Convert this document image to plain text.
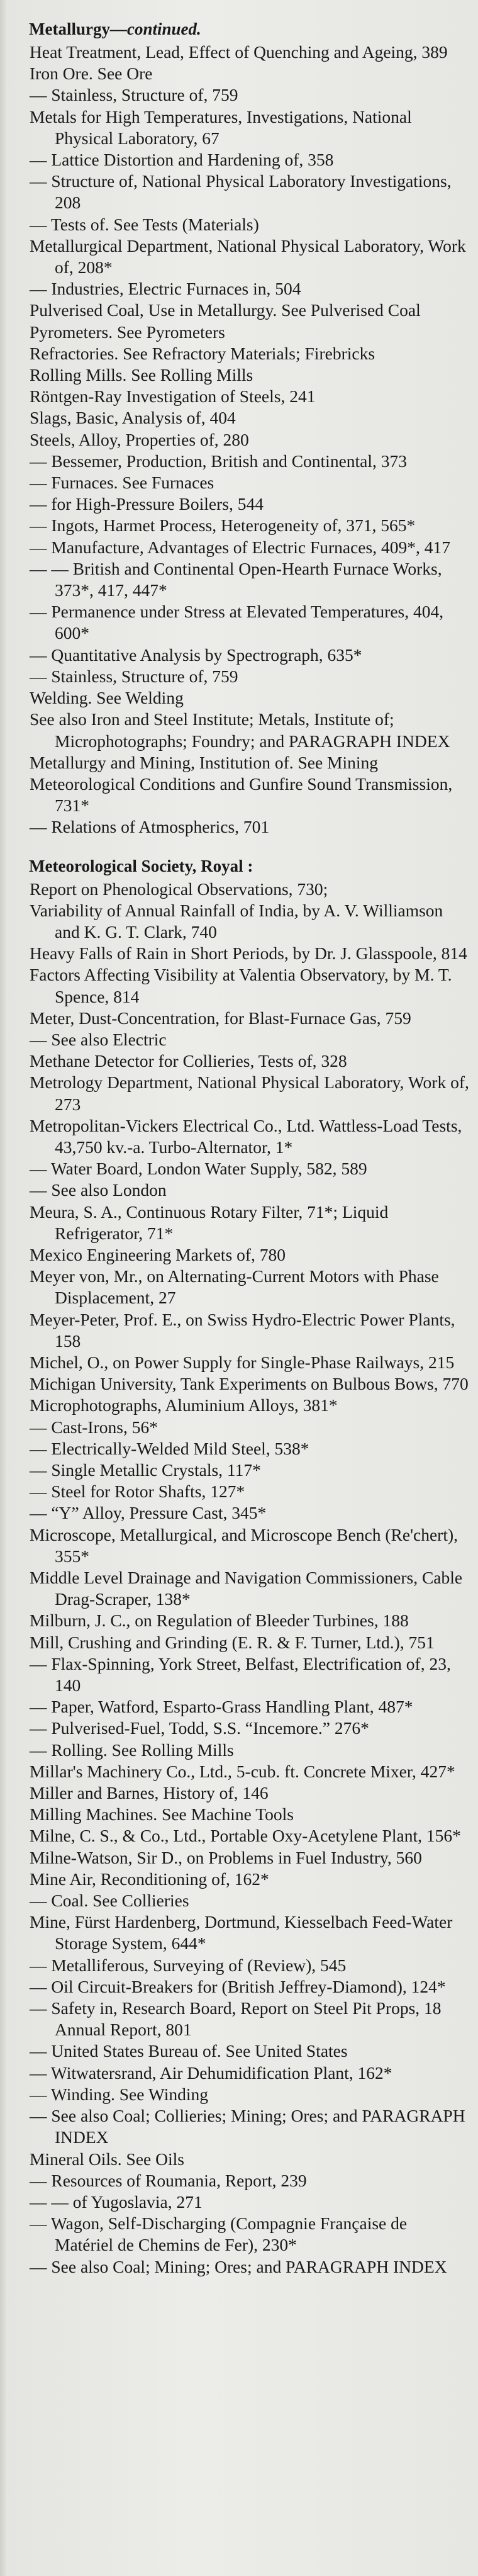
Metallurgy—continued.

Heat Treatment, Lead, Effect of Quenching and Ageing, 389

Iron Ore. See Ore

— Stainless, Structure of, 759

Metals for High Temperatures, Investigations, National Physical Laboratory, 67

— Lattice Distortion and Hardening of, 358

— Structure of, National Physical Laboratory Investigations, 208

— Tests of. See Tests (Materials)

Metallurgical Department, National Physical Laboratory, Work of, 208*

— Industries, Electric Furnaces in, 504

Pulverised Coal, Use in Metallurgy. See Pulverised Coal

Pyrometers. See Pyrometers

Refractories. See Refractory Materials; Firebricks

Rolling Mills. See Rolling Mills

Röntgen-Ray Investigation of Steels, 241

Slags, Basic, Analysis of, 404

Steels, Alloy, Properties of, 280

— Bessemer, Production, British and Continental, 373

— Furnaces. See Furnaces

— for High-Pressure Boilers, 544

— Ingots, Harmet Process, Heterogeneity of, 371, 565*

— Manufacture, Advantages of Electric Furnaces, 409*, 417

— — British and Continental Open-Hearth Furnace Works, 373*, 417, 447*

— Permanence under Stress at Elevated Temperatures, 404, 600*

— Quantitative Analysis by Spectrograph, 635*

— Stainless, Structure of, 759

Welding. See Welding

See also Iron and Steel Institute; Metals, Institute of; Microphotographs; Foundry; and PARAGRAPH INDEX

Metallurgy and Mining, Institution of. See Mining

Meteorological Conditions and Gunfire Sound Transmission, 731*

— Relations of Atmospherics, 701

Meteorological Society, Royal :

Report on Phenological Observations, 730;

Variability of Annual Rainfall of India, by A. V. Williamson and K. G. T. Clark, 740

Heavy Falls of Rain in Short Periods, by Dr. J. Glasspoole, 814

Factors Affecting Visibility at Valentia Observatory, by M. T. Spence, 814

Meter, Dust-Concentration, for Blast-Furnace Gas, 759

— See also Electric

Methane Detector for Collieries, Tests of, 328

Metrology Department, National Physical Laboratory, Work of, 273

Metropolitan-Vickers Electrical Co., Ltd. Wattless-Load Tests, 43,750 kv.-a. Turbo-Alternator, 1*

— Water Board, London Water Supply, 582, 589

— See also London

Meura, S. A., Continuous Rotary Filter, 71*; Liquid Refrigerator, 71*

Mexico Engineering Markets of, 780

Meyer von, Mr., on Alternating-Current Motors with Phase Displacement, 27

Meyer-Peter, Prof. E., on Swiss Hydro-Electric Power Plants, 158

Michel, O., on Power Supply for Single-Phase Railways, 215

Michigan University, Tank Experiments on Bulbous Bows, 770

Microphotographs, Aluminium Alloys, 381*

— Cast-Irons, 56*

— Electrically-Welded Mild Steel, 538*

— Single Metallic Crystals, 117*

— Steel for Rotor Shafts, 127*

— “Y” Alloy, Pressure Cast, 345*

Microscope, Metallurgical, and Microscope Bench (Re'chert), 355*

Middle Level Drainage and Navigation Commissioners, Cable Drag-Scraper, 138*

Milburn, J. C., on Regulation of Bleeder Turbines, 188

Mill, Crushing and Grinding (E. R. & F. Turner, Ltd.), 751

— Flax-Spinning, York Street, Belfast, Electrification of, 23, 140

— Paper, Watford, Esparto-Grass Handling Plant, 487*

— Pulverised-Fuel, Todd, S.S. “Incemore.” 276*

— Rolling. See Rolling Mills

Millar's Machinery Co., Ltd., 5-cub. ft. Concrete Mixer, 427*

Miller and Barnes, History of, 146

Milling Machines. See Machine Tools

Milne, C. S., & Co., Ltd., Portable Oxy-Acetylene Plant, 156*

Milne-Watson, Sir D., on Problems in Fuel Industry, 560

Mine Air, Reconditioning of, 162*

— Coal. See Collieries

Mine, Fürst Hardenberg, Dortmund, Kiesselbach Feed-Water Storage System, 644*

— Metalliferous, Surveying of (Review), 545

— Oil Circuit-Breakers for (British Jeffrey-Diamond), 124*

— Safety in, Research Board, Report on Steel Pit Props, 18 Annual Report, 801

— United States Bureau of. See United States

— Witwatersrand, Air Dehumidification Plant, 162*

— Winding. See Winding

— See also Coal; Collieries; Mining; Ores; and PARAGRAPH INDEX

Mineral Oils. See Oils

— Resources of Roumania, Report, 239

— — of Yugoslavia, 271

— Wagon, Self-Discharging (Compagnie Française de Matériel de Chemins de Fer), 230*

— See also Coal; Mining; Ores; and PARAGRAPH INDEX
